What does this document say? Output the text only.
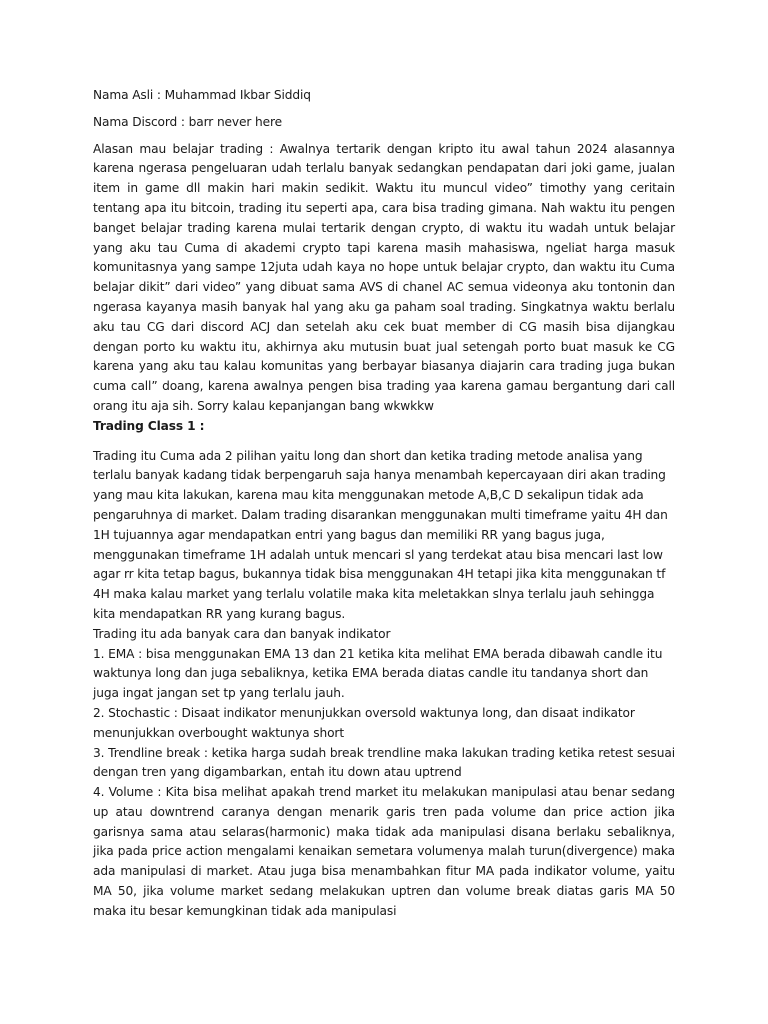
Nama Asli : Muhammad Ikbar Siddiq

Nama Discord : barr never here

Alasan mau belajar trading : Awalnya tertarik dengan kripto itu awal tahun 2024 alasannya karena ngerasa pengeluaran udah terlalu banyak sedangkan pendapatan dari joki game, jualan item in game dll makin hari makin sedikit. Waktu itu muncul video” timothy yang ceritain tentang apa itu bitcoin, trading itu seperti apa, cara bisa trading gimana. Nah waktu itu pengen banget belajar trading karena mulai tertarik dengan crypto, di waktu itu wadah untuk belajar yang aku tau Cuma di akademi crypto tapi karena masih mahasiswa, ngeliat harga masuk komunitasnya yang sampe 12juta udah kaya no hope untuk belajar crypto, dan waktu itu Cuma belajar dikit” dari video” yang dibuat sama AVS di chanel AC semua videonya aku tontonin dan ngerasa kayanya masih banyak hal yang aku ga paham soal trading. Singkatnya waktu berlalu aku tau CG dari discord ACJ dan setelah aku cek buat member di CG masih bisa dijangkau dengan porto ku waktu itu, akhirnya aku mutusin buat jual setengah porto buat masuk ke CG karena yang aku tau kalau komunitas yang berbayar biasanya diajarin cara trading juga bukan cuma call” doang, karena awalnya pengen bisa trading yaa karena gamau bergantung dari call orang itu aja sih. Sorry kalau kepanjangan bang wkwkkw

Trading Class 1 :

Trading itu Cuma ada 2 pilihan yaitu long dan short dan ketika trading metode analisa yang terlalu banyak kadang tidak berpengaruh saja hanya menambah kepercayaan diri akan trading yang mau kita lakukan, karena mau kita menggunakan metode A,B,C D sekalipun tidak ada pengaruhnya di market. Dalam trading disarankan menggunakan multi timeframe yaitu 4H dan 1H tujuannya agar mendapatkan entri yang bagus dan memiliki RR yang bagus juga, menggunakan timeframe 1H adalah untuk mencari sl yang terdekat atau bisa mencari last low agar rr kita tetap bagus, bukannya tidak bisa menggunakan 4H tetapi jika kita menggunakan tf 4H maka kalau market yang terlalu volatile maka kita meletakkan slnya terlalu jauh sehingga kita mendapatkan RR yang kurang bagus.

Trading itu ada banyak cara dan banyak indikator

1. EMA : bisa menggunakan EMA 13 dan 21 ketika kita melihat EMA berada dibawah candle itu waktunya long dan juga sebaliknya, ketika EMA berada diatas candle itu tandanya short dan juga ingat jangan set tp yang terlalu jauh.

2. Stochastic : Disaat indikator menunjukkan oversold waktunya long, dan disaat indikator menunjukkan overbought waktunya short

3. Trendline break : ketika harga sudah break trendline maka lakukan trading ketika retest sesuai dengan tren yang digambarkan, entah itu down atau uptrend

4. Volume : Kita bisa melihat apakah trend market itu melakukan manipulasi atau benar sedang up atau downtrend caranya dengan menarik garis tren pada volume dan price action jika garisnya sama atau selaras(harmonic) maka tidak ada manipulasi disana berlaku sebaliknya, jika pada price action mengalami kenaikan semetara volumenya malah turun(divergence) maka ada manipulasi di market. Atau juga bisa menambahkan fitur MA pada indikator volume, yaitu MA 50, jika volume market sedang melakukan uptren dan volume break diatas garis MA 50 maka itu besar kemungkinan tidak ada manipulasi
